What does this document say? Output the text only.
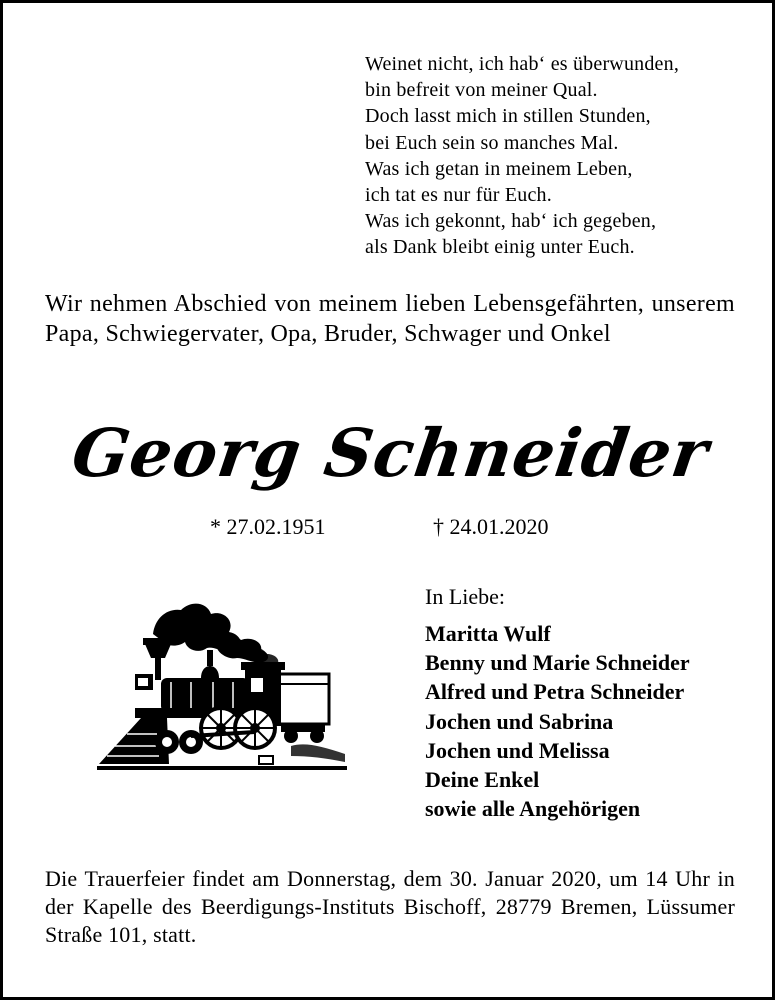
Weinet nicht, ich hab‘ es überwunden,
bin befreit von meiner Qual.
Doch lasst mich in stillen Stunden,
bei Euch sein so manches Mal.
Was ich getan in meinem Leben,
ich tat es nur für Euch.
Was ich gekonnt, hab‘ ich gegeben,
als Dank bleibt einig unter Euch.
Wir nehmen Abschied von meinem lieben Lebensgefährten, unserem Papa, Schwiegervater, Opa, Bruder, Schwager und Onkel
Georg Schneider
* 27.02.1951	† 24.01.2020
In Liebe:
Maritta Wulf
Benny und Marie Schneider
Alfred und Petra Schneider
Jochen und Sabrina
Jochen und Melissa
Deine Enkel
sowie alle Angehörigen
Die Trauerfeier findet am Donnerstag, dem 30. Januar 2020, um 14 Uhr in der Kapelle des Beerdigungs-Instituts Bischoff, 28779 Bremen, Lüssumer Straße 101, statt.
